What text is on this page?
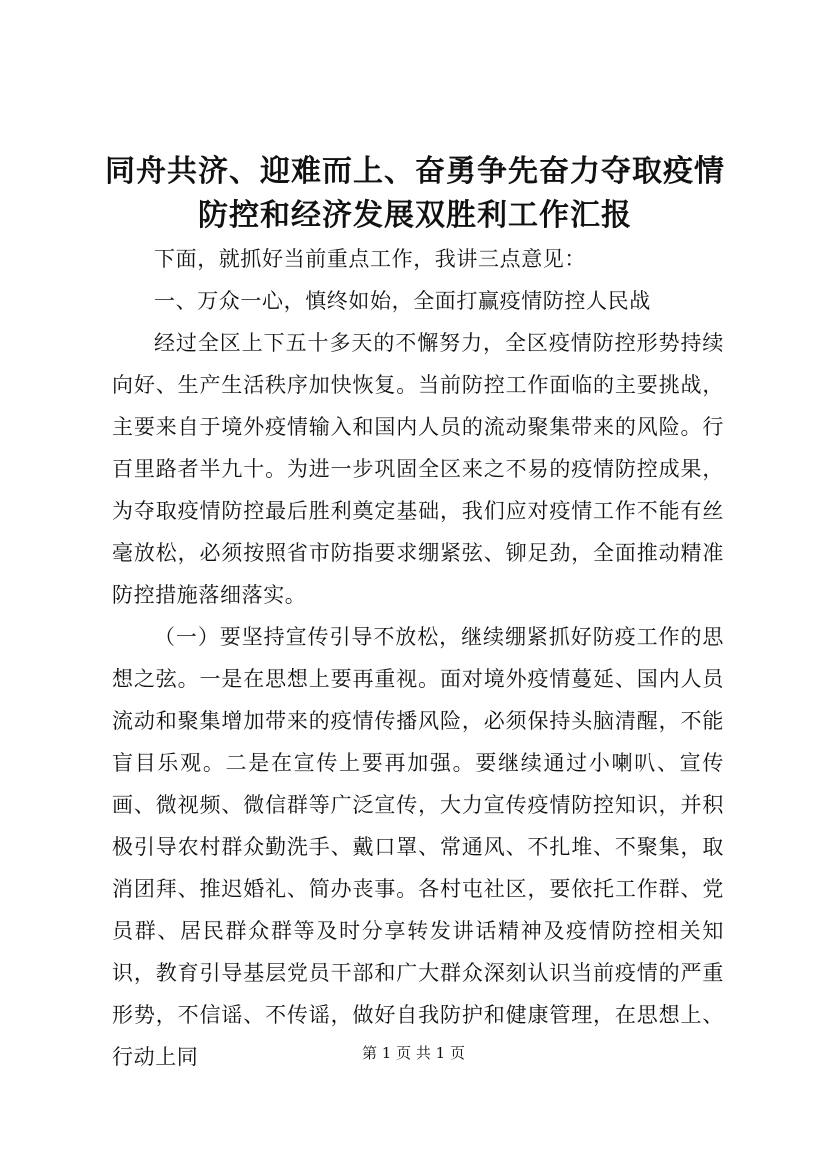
同舟共济、迎难而上、奋勇争先奋力夺取疫情
防控和经济发展双胜利工作汇报

下面，就抓好当前重点工作，我讲三点意见：

一、万众一心，慎终如始，全面打赢疫情防控人民战

经过全区上下五十多天的不懈努力，全区疫情防控形势持续向好、生产生活秩序加快恢复。当前防控工作面临的主要挑战，主要来自于境外疫情输入和国内人员的流动聚集带来的风险。行百里路者半九十。为进一步巩固全区来之不易的疫情防控成果，为夺取疫情防控最后胜利奠定基础，我们应对疫情工作不能有丝毫放松，必须按照省市防指要求绷紧弦、铆足劲，全面推动精准防控措施落细落实。

（一）要坚持宣传引导不放松，继续绷紧抓好防疫工作的思想之弦。一是在思想上要再重视。面对境外疫情蔓延、国内人员流动和聚集增加带来的疫情传播风险，必须保持头脑清醒，不能盲目乐观。二是在宣传上要再加强。要继续通过小喇叭、宣传画、微视频、微信群等广泛宣传，大力宣传疫情防控知识，并积极引导农村群众勤洗手、戴口罩、常通风、不扎堆、不聚集，取消团拜、推迟婚礼、简办丧事。各村屯社区，要依托工作群、党员群、居民群众群等及时分享转发讲话精神及疫情防控相关知识，教育引导基层党员干部和广大群众深刻认识当前疫情的严重形势，不信谣、不传谣，做好自我防护和健康管理，在思想上、行动上同	第 1 页 共 1 页
